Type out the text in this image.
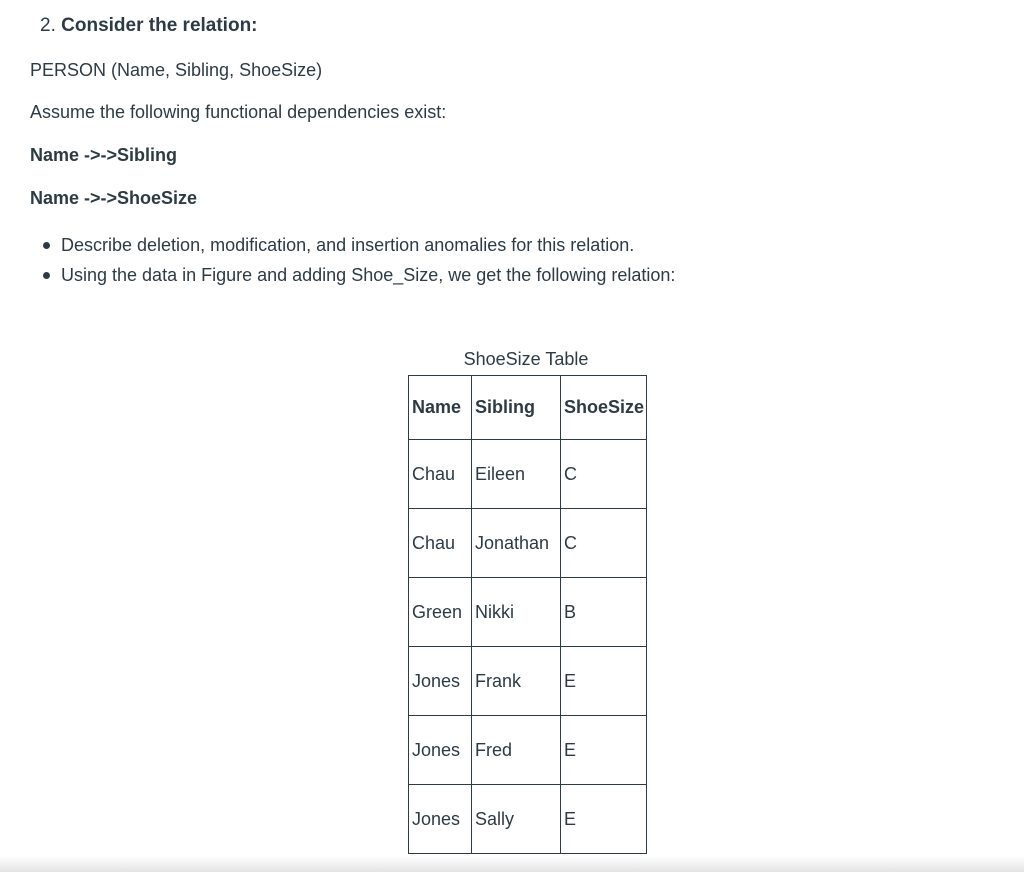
2. Consider the relation:
PERSON (Name, Sibling, ShoeSize)
Assume the following functional dependencies exist:
Name ->->Sibling
Name ->->ShoeSize
Describe deletion, modification, and insertion anomalies for this relation.
Using the data in Figure and adding Shoe_Size, we get the following relation:
ShoeSize Table
Name	Sibling	ShoeSize
Chau	Eileen	C
Chau	Jonathan	C
Green	Nikki	B
Jones	Frank	E
Jones	Fred	E
Jones	Sally	E
